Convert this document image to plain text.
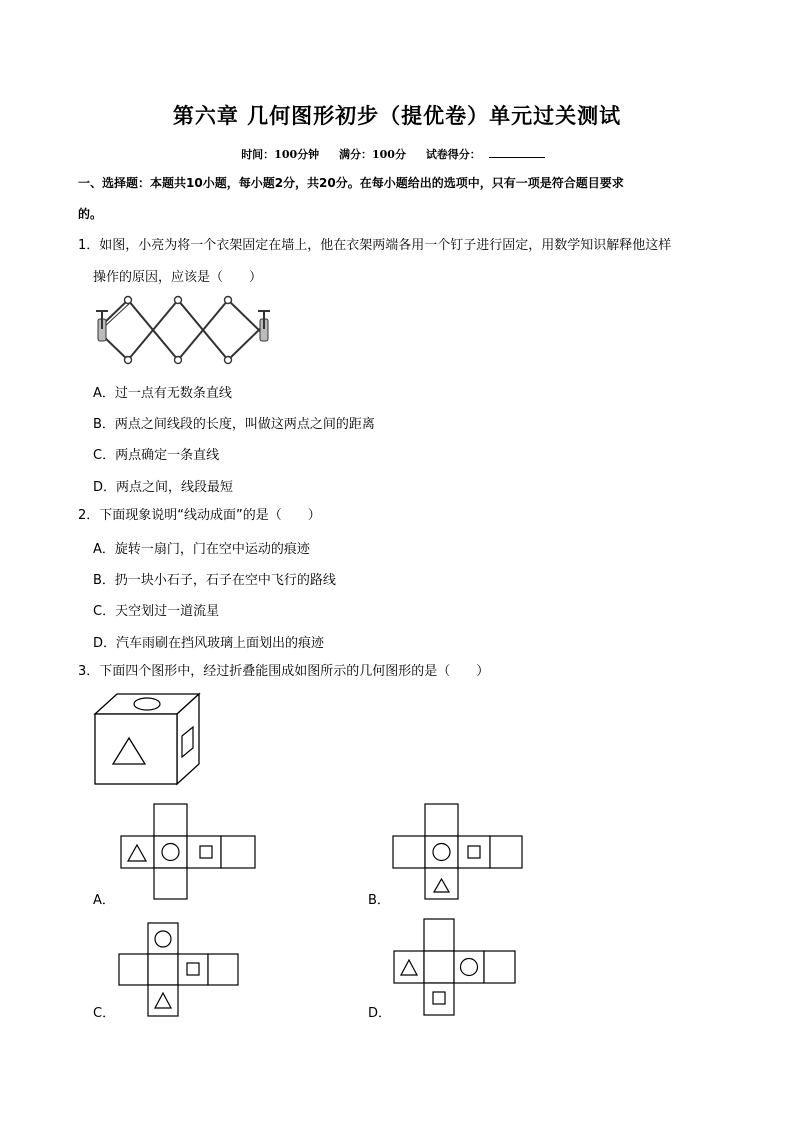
第六章 几何图形初步（提优卷）单元过关测试
时间：100分钟 满分：100分 试卷得分：
一、选择题：本题共10小题，每小题2分，共20分。在每小题给出的选项中，只有一项是符合题目要求
的。
1．如图，小亮为将一个衣架固定在墙上，他在衣架两端各用一个钉子进行固定，用数学知识解释他这样
操作的原因，应该是（　　）
A．过一点有无数条直线
B．两点之间线段的长度，叫做这两点之间的距离
C．两点确定一条直线
D．两点之间，线段最短
2．下面现象说明“线动成面”的是（　　）
A．旋转一扇门，门在空中运动的痕迹
B．扔一块小石子，石子在空中飞行的路线
C．天空划过一道流星
D．汽车雨刷在挡风玻璃上面划出的痕迹
3．下面四个图形中，经过折叠能围成如图所示的几何图形的是（　　）
A．	B．
C．	D．
